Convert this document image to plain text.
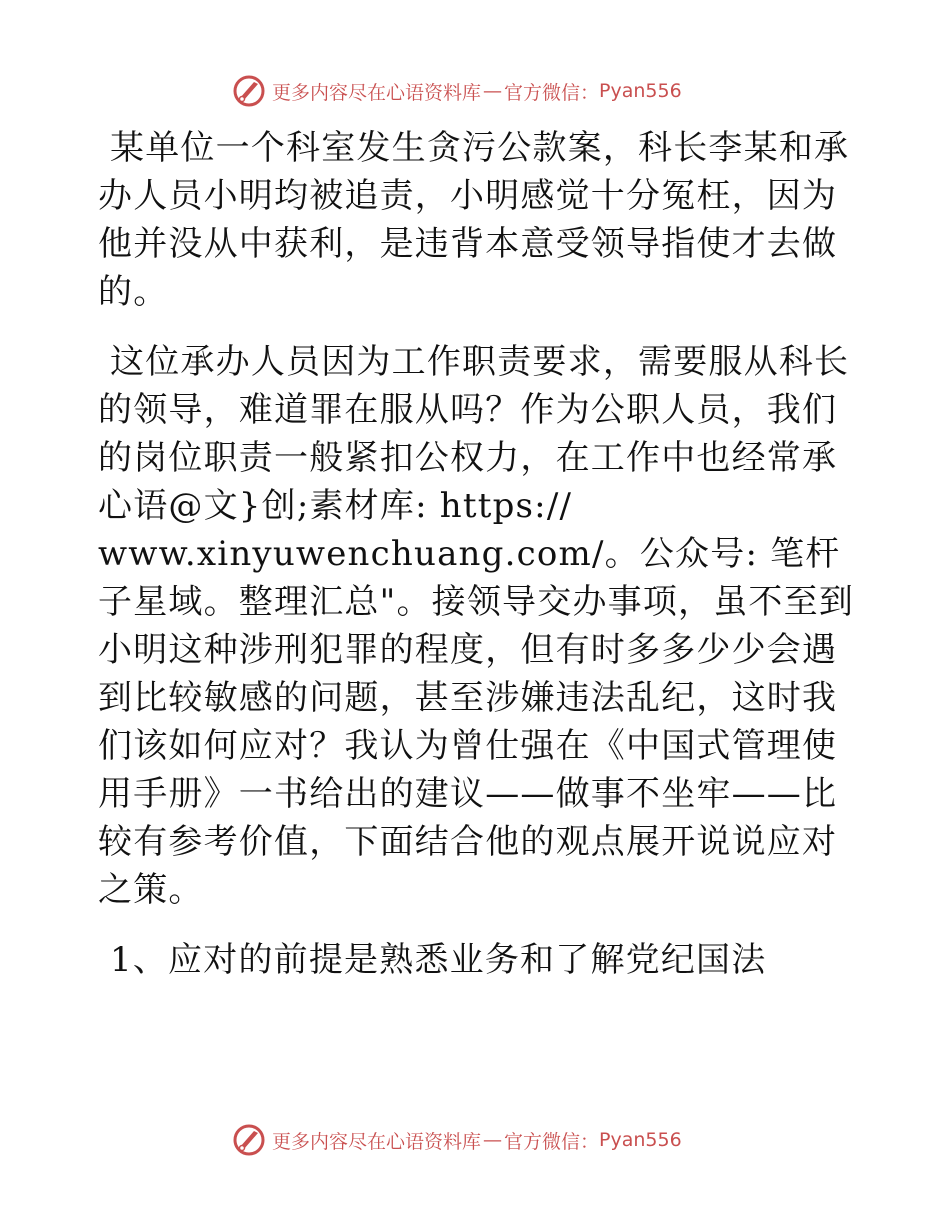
更多内容尽在心语资料库 — 官方微信： Pyan556

某单位一个科室发生贪污公款案，科长李某和承办人员小明均被追责，小明感觉十分冤枉，因为他并没从中获利，是违背本意受领导指使才去做的。

这位承办人员因为工作职责要求，需要服从科长的领导，难道罪在服从吗？作为公职人员，我们的岗位职责一般紧扣公权力，在工作中也经常承心语@文}创;素材库: https://
www.xinyuwenchuang.com/。公众号: 笔杆子星域。整理汇总"。接领导交办事项，虽不至到小明这种涉刑犯罪的程度，但有时多多少少会遇到比较敏感的问题，甚至涉嫌违法乱纪，这时我们该如何应对？我认为曾仕强在《中国式管理使用手册》一书给出的建议——做事不坐牢——比较有参考价值，下面结合他的观点展开说说应对之策。

1、应对的前提是熟悉业务和了解党纪国法

更多内容尽在心语资料库 — 官方微信： Pyan556
